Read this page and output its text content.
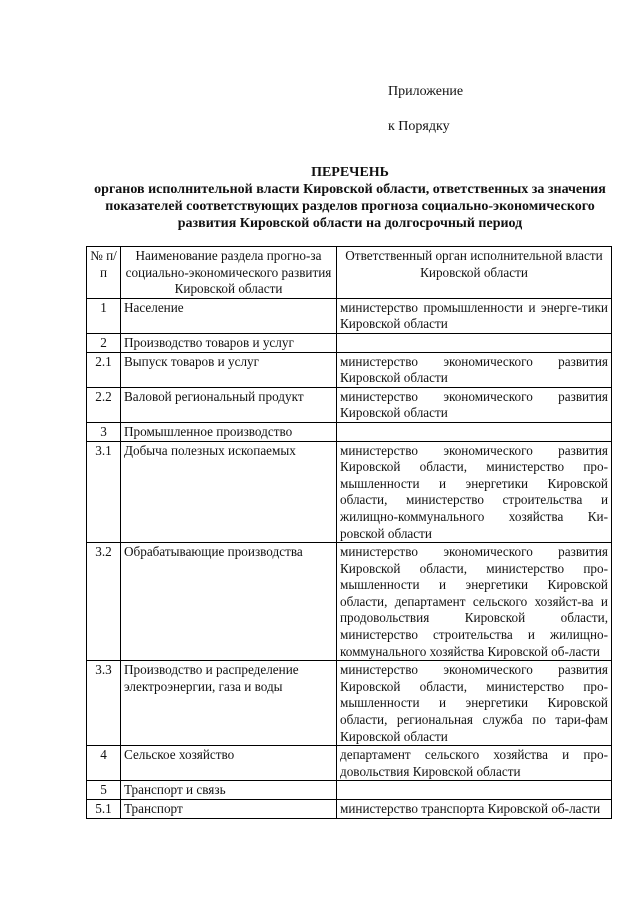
Приложение
к Порядку
ПЕРЕЧЕНЬ
органов исполнительной власти Кировской области, ответственных за значения показателей соответствующих разделов прогноза социально-экономического развития Кировской области на долгосрочный период
№ п/п	Наименование раздела прогно-за социально-экономического развития Кировской области	Ответственный орган исполнительной власти Кировской области
1	Население	министерство промышленности и энерге-тики Кировской области
2	Производство товаров и услуг	
2.1	Выпуск товаров и услуг	министерство экономического развития Кировской области
2.2	Валовой региональный продукт	министерство экономического развития Кировской области
3	Промышленное производство	
3.1	Добыча полезных ископаемых	министерство экономического развития Кировской области, министерство про-мышленности и энергетики Кировской области, министерство строительства и жилищно-коммунального хозяйства Ки-ровской области
3.2	Обрабатывающие производства	министерство экономического развития Кировской области, министерство про-мышленности и энергетики Кировской области, департамент сельского хозяйст-ва и продовольствия Кировской области, министерство строительства и жилищно-коммунального хозяйства Кировской об-ласти
3.3	Производство и распределение электроэнергии, газа и воды	министерство экономического развития Кировской области, министерство про-мышленности и энергетики Кировской области, региональная служба по тари-фам Кировской области
4	Сельское хозяйство	департамент сельского хозяйства и про-довольствия Кировской области
5	Транспорт и связь	
5.1	Транспорт	министерство транспорта Кировской об-ласти
